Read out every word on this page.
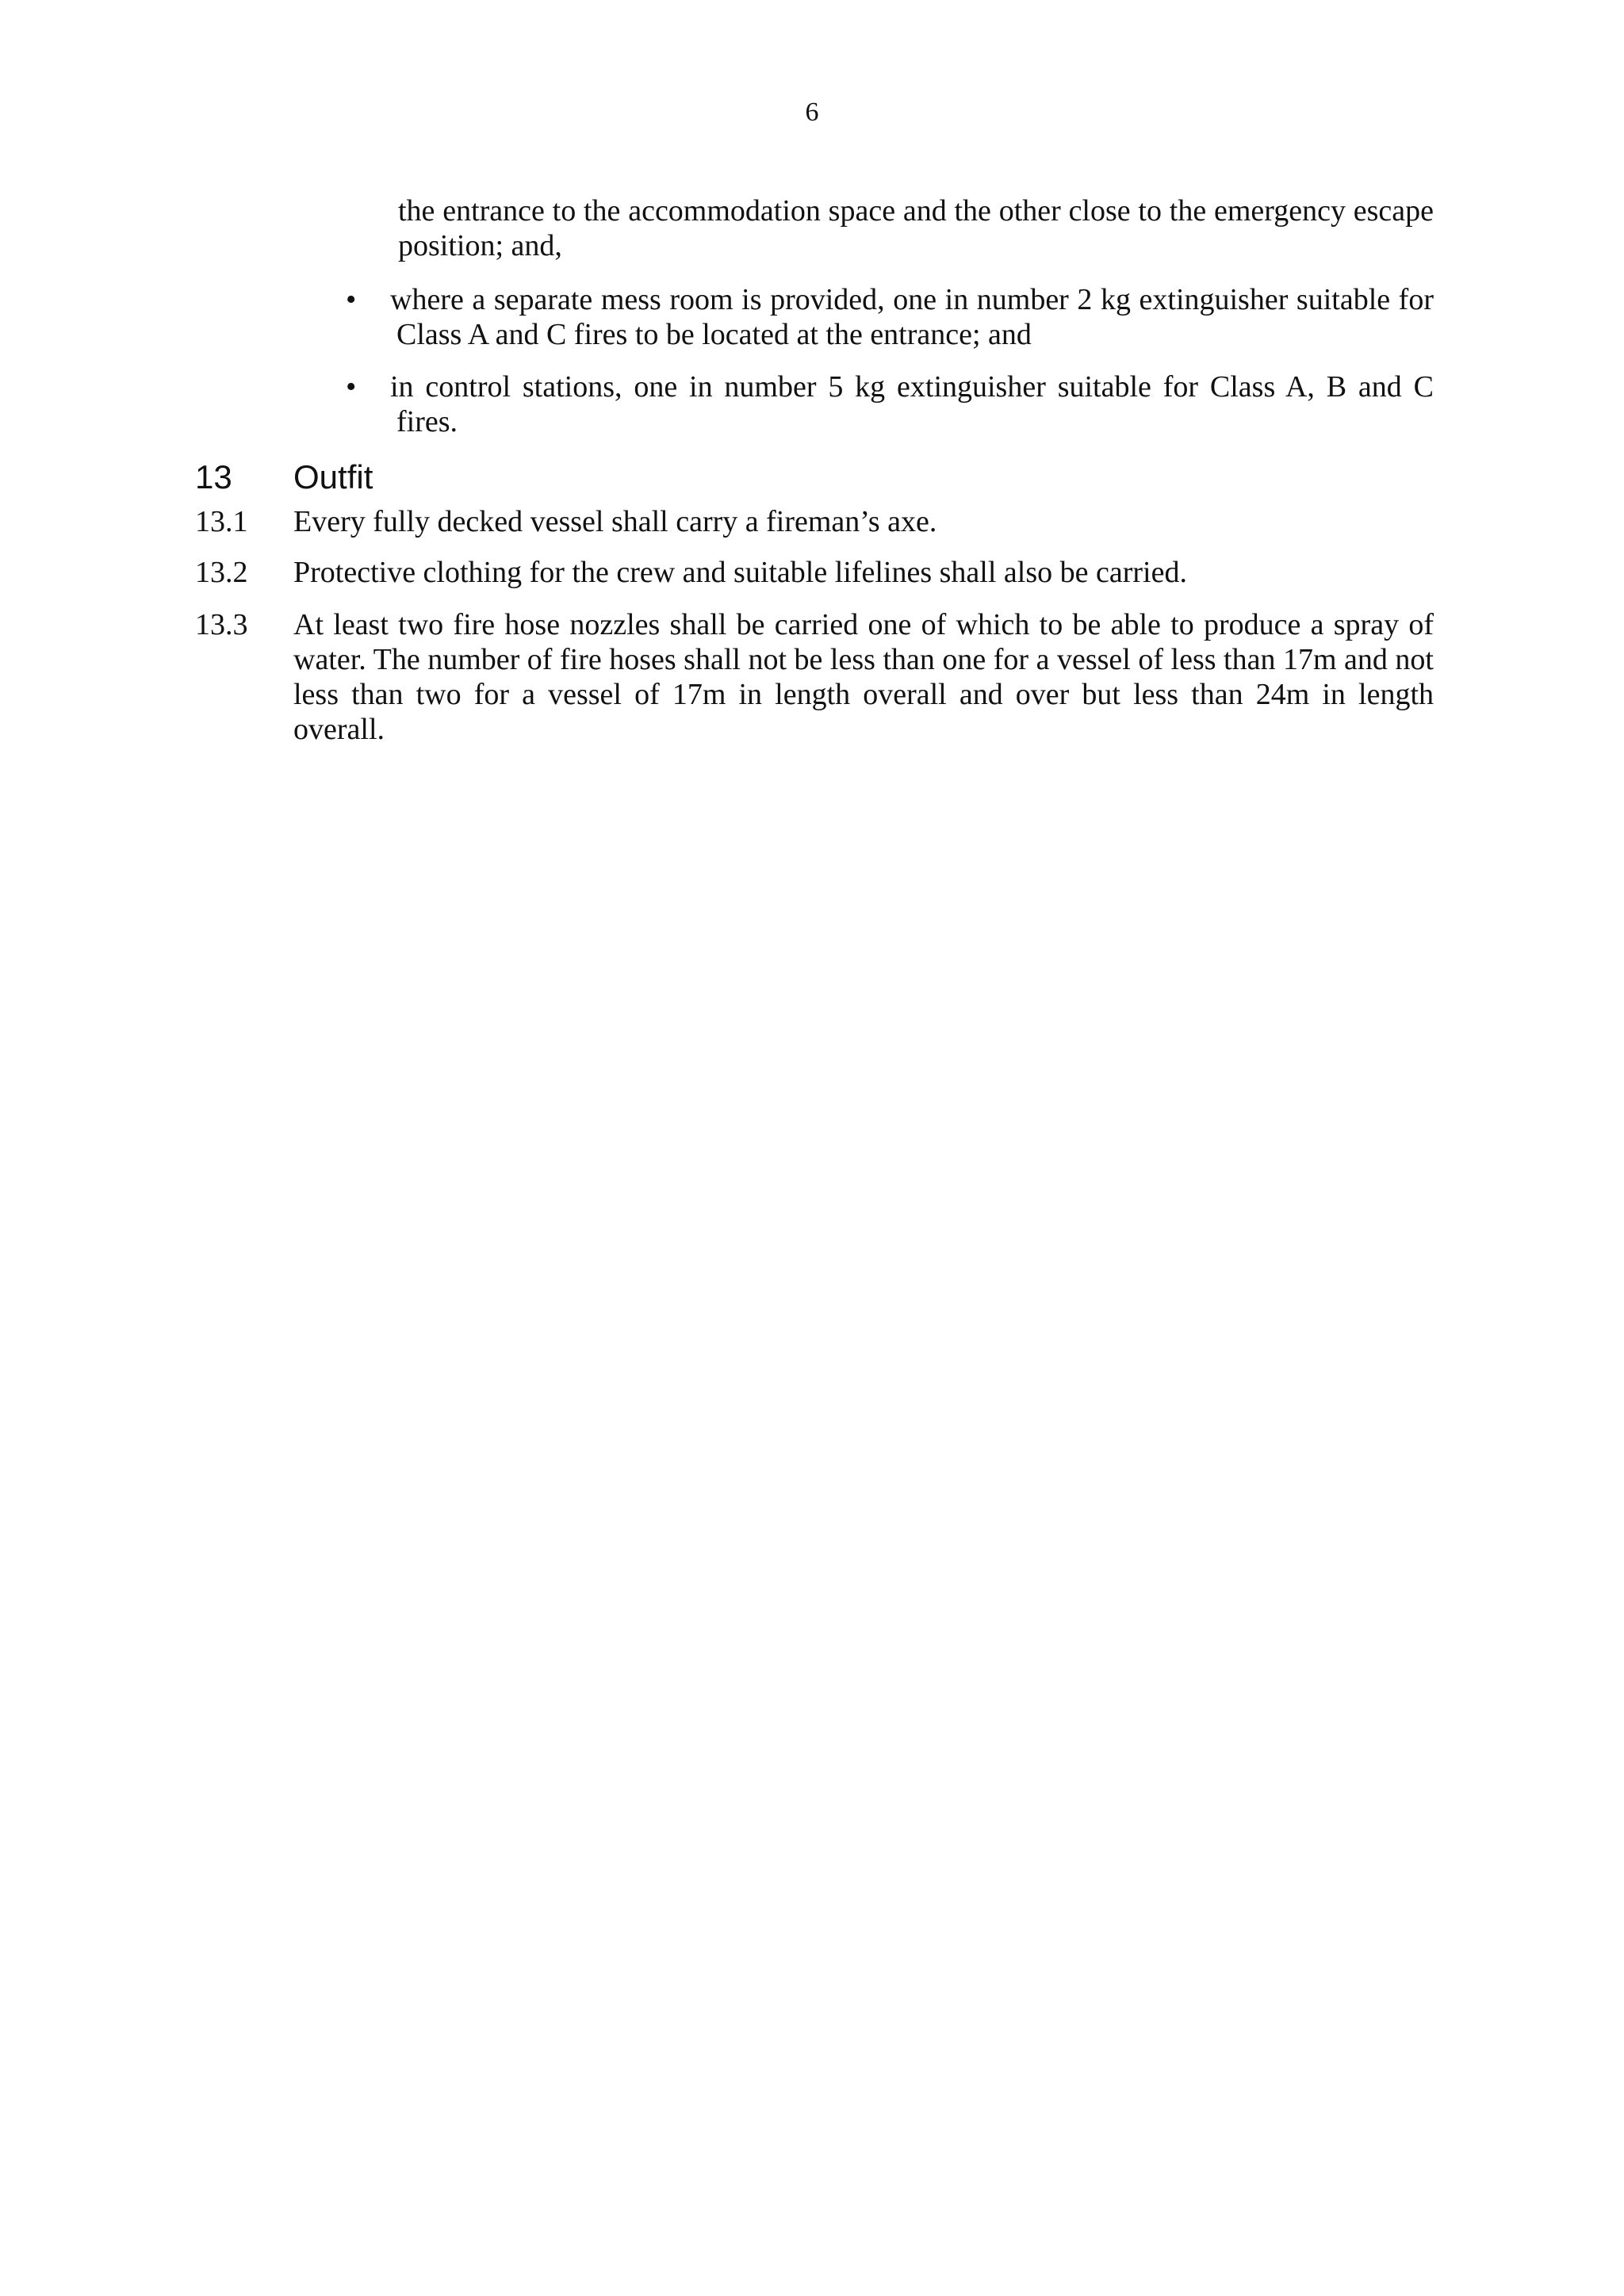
6
the entrance to the accommodation space and the other close to the emergency escape position; and,
• where a separate mess room is provided, one in number 2 kg extinguisher suitable for Class A and C fires to be located at the entrance; and
• in control stations, one in number 5 kg extinguisher suitable for Class A, B and C fires.
13 Outfit
13.1 Every fully decked vessel shall carry a fireman’s axe.
13.2 Protective clothing for the crew and suitable lifelines shall also be carried.
13.3 At least two fire hose nozzles shall be carried one of which to be able to produce a spray of water. The number of fire hoses shall not be less than one for a vessel of less than 17m and not less than two for a vessel of 17m in length overall and over but less than 24m in length overall.
